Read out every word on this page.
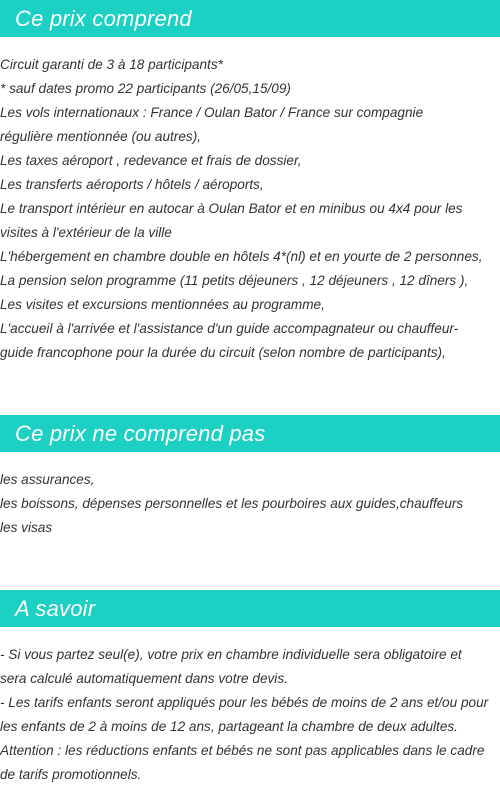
Ce prix comprend
Circuit garanti de 3 à 18 participants*
* sauf dates promo 22 participants (26/05,15/09)
Les vols internationaux : France / Oulan Bator / France sur compagnie
régulière mentionnée (ou autres),
Les taxes aéroport , redevance et frais de dossier,
Les transferts aéroports / hôtels / aéroports,
Le transport intérieur en autocar à Oulan Bator et en minibus ou 4x4 pour les
visites à l'extérieur de la ville
L'hébergement en chambre double en hôtels 4*(nl) et en yourte de 2 personnes,
La pension selon programme (11 petits déjeuners , 12 déjeuners , 12 dîners ),
Les visites et excursions mentionnées au programme,
L'accueil à l'arrivée et l'assistance d'un guide accompagnateur ou chauffeur-
guide francophone pour la durée du circuit (selon nombre de participants),
Ce prix ne comprend pas
les assurances,
les boissons, dépenses personnelles et les pourboires aux guides,chauffeurs
les visas
A savoir
- Si vous partez seul(e), votre prix en chambre individuelle sera obligatoire et
sera calculé automatiquement dans votre devis.
- Les tarifs enfants seront appliqués pour les bébés de moins de 2 ans et/ou pour
les enfants de 2 à moins de 12 ans, partageant la chambre de deux adultes.
Attention : les réductions enfants et bébés ne sont pas applicables dans le cadre
de tarifs promotionnels.
